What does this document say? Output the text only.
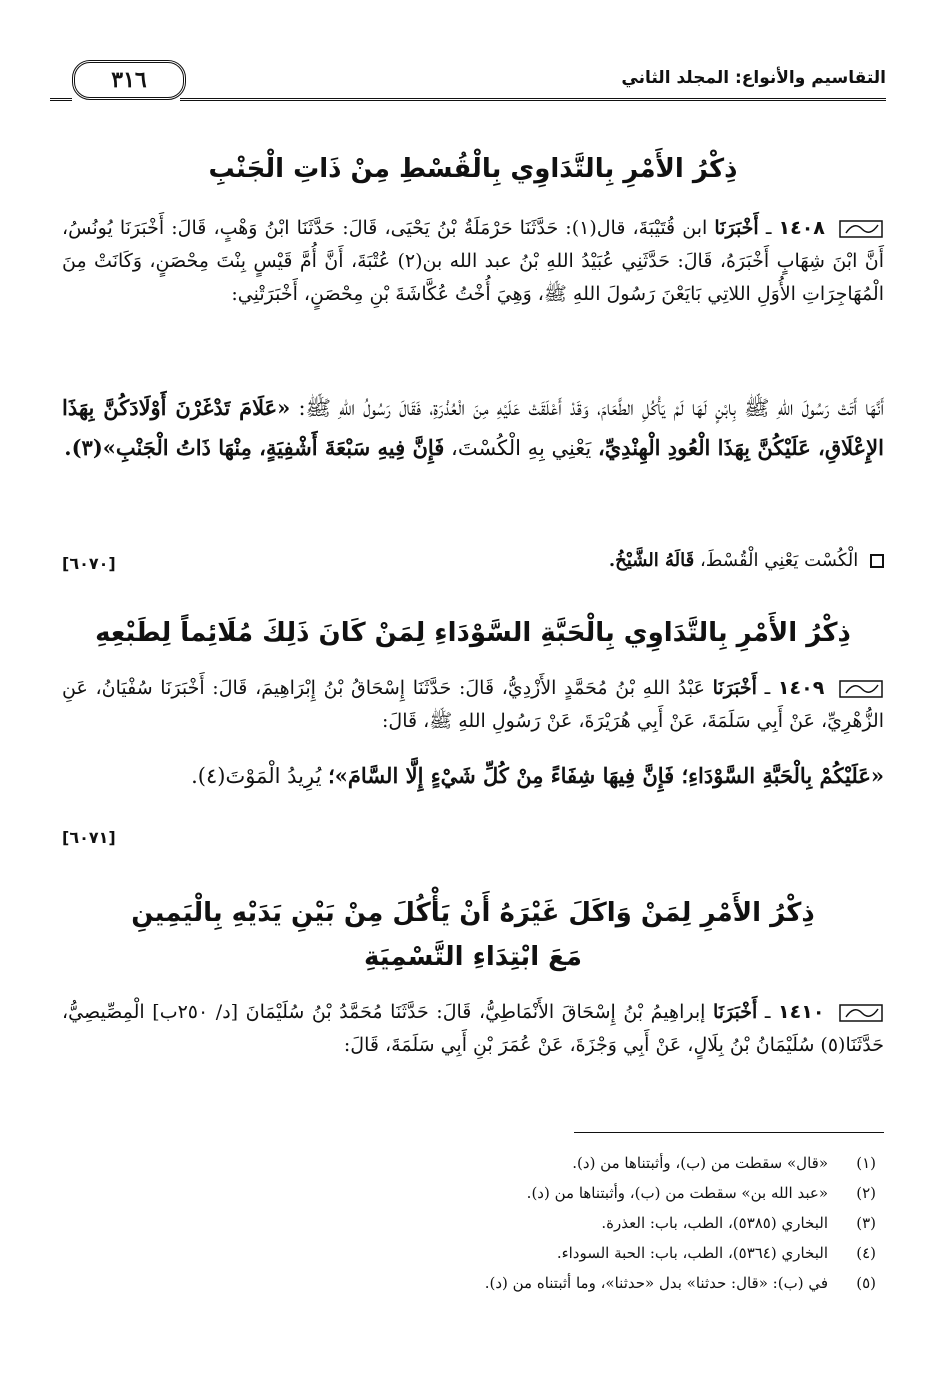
التقاسيم والأنواع: المجلد الثاني
٣١٦
ذِكْرُ الأَمْرِ بِالتَّدَاوِي بِالْقُسْطِ مِنْ ذَاتِ الْجَنْبِ
١٤٠٨ ـ أَخْبَرَنَا ابن قُتَيْبَةَ، قال(١): حَدَّثَنَا حَرْمَلَةُ بْنُ يَحْيَى، قَالَ: حَدَّثَنَا ابْنُ وَهْبٍ، قَالَ: أَخْبَرَنَا يُونُسُ، أَنَّ ابْنَ شِهَابٍ أَخْبَرَهُ، قَالَ: حَدَّثَنِي عُبَيْدُ اللهِ بْنُ عبد الله بن(٢) عُتْبَةَ، أَنَّ أُمَّ قَيْسٍ بِنْتَ مِحْصَنٍ، وَكَانَتْ مِنَ الْمُهَاجِرَاتِ الأُوَلِ اللاتِي بَايَعْنَ رَسُولَ اللهِ ﷺ، وَهِيَ أُخْتُ عُكَّاشَةَ بْنِ مِحْصَنٍ، أَخْبَرَتْنِي:
أَنَّهَا أَتَتْ رَسُولَ اللهِ ﷺ بِابْنٍ لَهَا لَمْ يَأْكُلِ الطَّعَامَ، وَقَدْ أَعْلَقَتْ عَلَيْهِ مِنَ الْعُذْرَةِ، فَقَالَ رَسُولُ اللهِ ﷺ: «عَلَامَ تَدْغَرْنَ أَوْلَادَكُنَّ بِهَذَا الإِعْلَاقِ، عَلَيْكُنَّ بِهَذَا الْعُودِ الْهِنْدِيِّ، يَعْنِي بِهِ الْكُسْتَ، فَإِنَّ فِيهِ سَبْعَةَ أَشْفِيَةٍ، مِنْهَا ذَاتُ الْجَنْبِ»(٣).
الْكُسْت يَعْنِي الْقُسْطَ، قَالَهُ الشَّيْخُ.
[٦٠٧٠]
ذِكْرُ الأَمْرِ بِالتَّدَاوِي بِالْحَبَّةِ السَّوْدَاءِ لِمَنْ كَانَ ذَلِكَ مُلَائِماً لِطَبْعِهِ
١٤٠٩ ـ أَخْبَرَنَا عَبْدُ اللهِ بْنُ مُحَمَّدٍ الأَزْدِيُّ، قَالَ: حَدَّثَنَا إِسْحَاقُ بْنُ إِبْرَاهِيمَ، قَالَ: أَخْبَرَنَا سُفْيَانُ، عَنِ الزُّهْرِيِّ، عَنْ أَبِي سَلَمَةَ، عَنْ أَبِي هُرَيْرَةَ، عَنْ رَسُولِ اللهِ ﷺ، قَالَ:
«عَلَيْكُمْ بِالْحَبَّةِ السَّوْدَاءِ؛ فَإِنَّ فِيهَا شِفَاءً مِنْ كُلِّ شَيْءٍ إِلَّا السَّامَ»؛ يُرِيدُ الْمَوْتَ(٤).
[٦٠٧١]
ذِكْرُ الأَمْرِ لِمَنْ وَاكَلَ غَيْرَهُ أَنْ يَأْكُلَ مِنْ بَيْنِ يَدَيْهِ بِالْيَمِينِ
مَعَ ابْتِدَاءِ التَّسْمِيَةِ
١٤١٠ ـ أَخْبَرَنَا إبراهِيمُ بْنُ إِسْحَاقَ الأَنْمَاطِيُّ، قَالَ: حَدَّثَنَا مُحَمَّدُ بْنُ سُلَيْمَانَ [د/ ٢٥٠ب] الْمِصِّيصِيُّ، حَدَّثَنَا(٥) سُلَيْمَانُ بْنُ بِلَالٍ، عَنْ أَبِي وَجْزَةَ، عَنْ عُمَرَ بْنِ أَبِي سَلَمَةَ، قَالَ:
(١)
«قال» سقطت من (ب)، وأثبتناها من (د).
(٢)
«عبد الله بن» سقطت من (ب)، وأثبتناها من (د).
(٣)
البخاري (٥٣٨٥)، الطب، باب: العذرة.
(٤)
البخاري (٥٣٦٤)، الطب، باب: الحبة السوداء.
(٥)
في (ب): «قال: حدثنا» بدل «حدثنا»، وما أثبتناه من (د).
